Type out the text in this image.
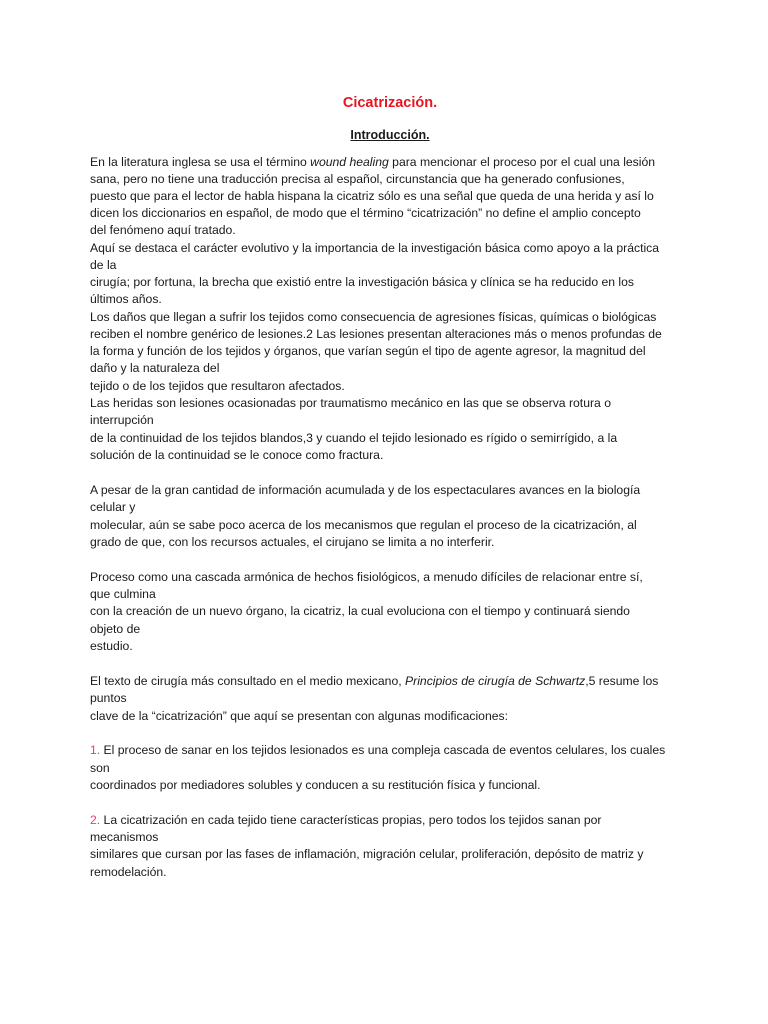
Cicatrización.
Introducción.
En la literatura inglesa se usa el término wound healing para mencionar el proceso por el cual una lesión
sana, pero no tiene una traducción precisa al español, circunstancia que ha generado confusiones,
puesto que para el lector de habla hispana la cicatriz sólo es una señal que queda de una herida y así lo
dicen los diccionarios en español, de modo que el término “cicatrización” no define el amplio concepto
del fenómeno aquí tratado.
Aquí se destaca el carácter evolutivo y la importancia de la investigación básica como apoyo a la práctica
de la
cirugía; por fortuna, la brecha que existió entre la investigación básica y clínica se ha reducido en los
últimos años.
Los daños que llegan a sufrir los tejidos como consecuencia de agresiones físicas, químicas o biológicas
reciben el nombre genérico de lesiones.2 Las lesiones presentan alteraciones más o menos profundas de
la forma y función de los tejidos y órganos, que varían según el tipo de agente agresor, la magnitud del
daño y la naturaleza del
tejido o de los tejidos que resultaron afectados.
Las heridas son lesiones ocasionadas por traumatismo mecánico en las que se observa rotura o
interrupción
de la continuidad de los tejidos blandos,3 y cuando el tejido lesionado es rígido o semirrígido, a la
solución de la continuidad se le conoce como fractura.
A pesar de la gran cantidad de información acumulada y de los espectaculares avances en la biología
celular y
molecular, aún se sabe poco acerca de los mecanismos que regulan el proceso de la cicatrización, al
grado de que, con los recursos actuales, el cirujano se limita a no interferir.
Proceso como una cascada armónica de hechos fisiológicos, a menudo difíciles de relacionar entre sí,
que culmina
con la creación de un nuevo órgano, la cicatriz, la cual evoluciona con el tiempo y continuará siendo
objeto de
estudio.
El texto de cirugía más consultado en el medio mexicano, Principios de cirugía de Schwartz,5 resume los
puntos
clave de la “cicatrización” que aquí se presentan con algunas modificaciones:
1. El proceso de sanar en los tejidos lesionados es una compleja cascada de eventos celulares, los cuales
son
coordinados por mediadores solubles y conducen a su restitución física y funcional.
2. La cicatrización en cada tejido tiene características propias, pero todos los tejidos sanan por
mecanismos
similares que cursan por las fases de inflamación, migración celular, proliferación, depósito de matriz y
remodelación.
